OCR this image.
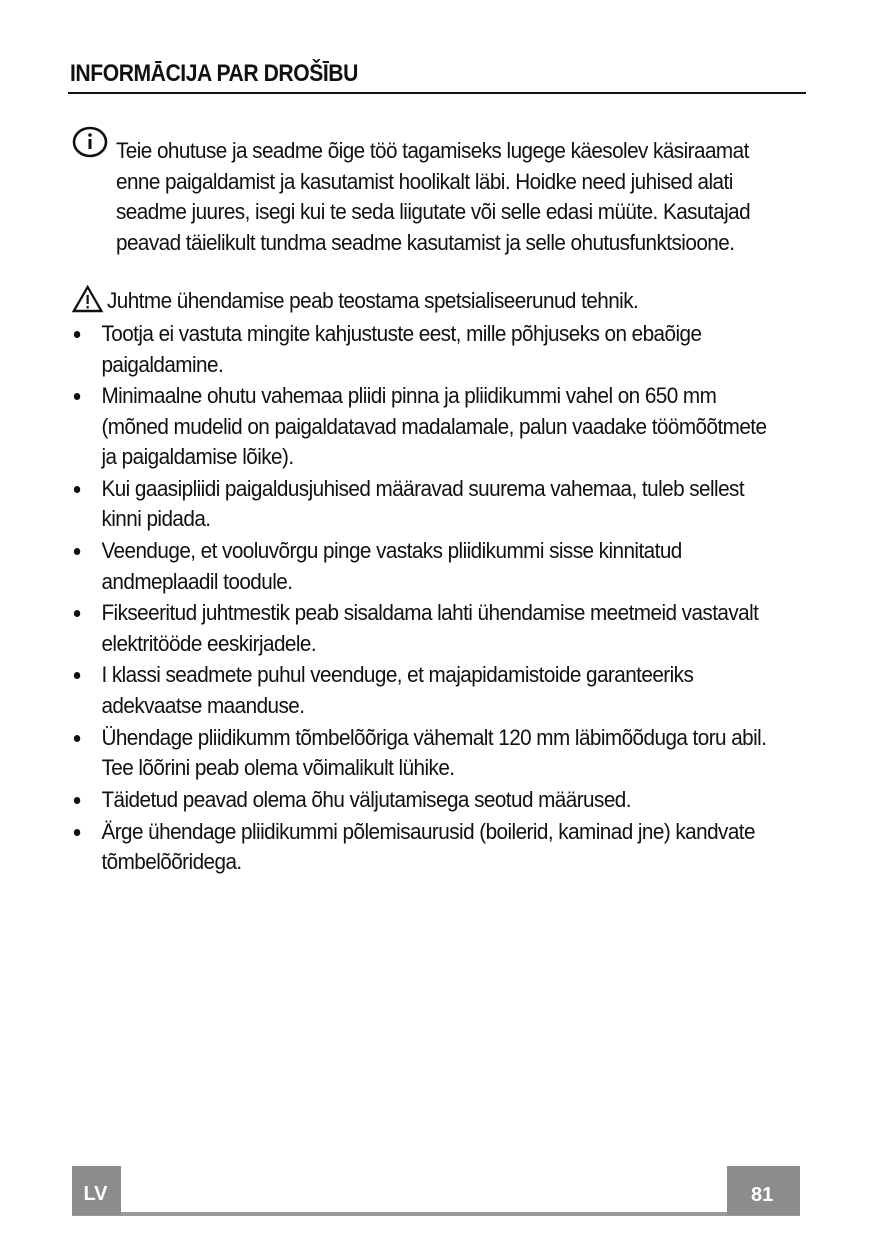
INFORMĀCIJA PAR DROŠĪBU
Teie ohutuse ja seadme õige töö tagamiseks lugege käesolev käsiraamat enne paigaldamist ja kasutamist hoolikalt läbi. Hoidke need juhised alati seadme juures, isegi kui te seda liigutate või selle edasi müüte. Kasutajad peavad täielikult tundma seadme kasutamist ja selle ohutusfunktsioone.
Juhtme ühendamise peab teostama spetsialiseerunud tehnik.
Tootja ei vastuta mingite kahjustuste eest, mille põhjuseks on ebaõige paigaldamine.
Minimaalne ohutu vahemaa pliidi pinna ja pliidikummi vahel on 650 mm (mõned mudelid on paigaldatavad madalamale, palun vaadake töömõõtmete ja paigaldamise lõike).
Kui gaasipliidi paigaldusjuhised määravad suurema vahemaa, tuleb sellest kinni pidada.
Veenduge, et vooluvõrgu pinge vastaks pliidikummi sisse kinnitatud andmeplaadil toodule.
Fikseeritud juhtmestik peab sisaldama lahti ühendamise meetmeid vastavalt elektritööde eeskirjadele.
I klassi seadmete puhul veenduge, et majapidamistoide garanteeriks adekvaatse maanduse.
Ühendage pliidikumm tõmbelõõriga vähemalt 120 mm läbimõõduga toru abil. Tee lõõrini peab olema võimalikult lühike.
Täidetud peavad olema õhu väljutamisega seotud määrused.
Ärge ühendage pliidikummi põlemisaurusid (boilerid, kaminad jne) kandvate tõmbelõõridega.
LV	81
